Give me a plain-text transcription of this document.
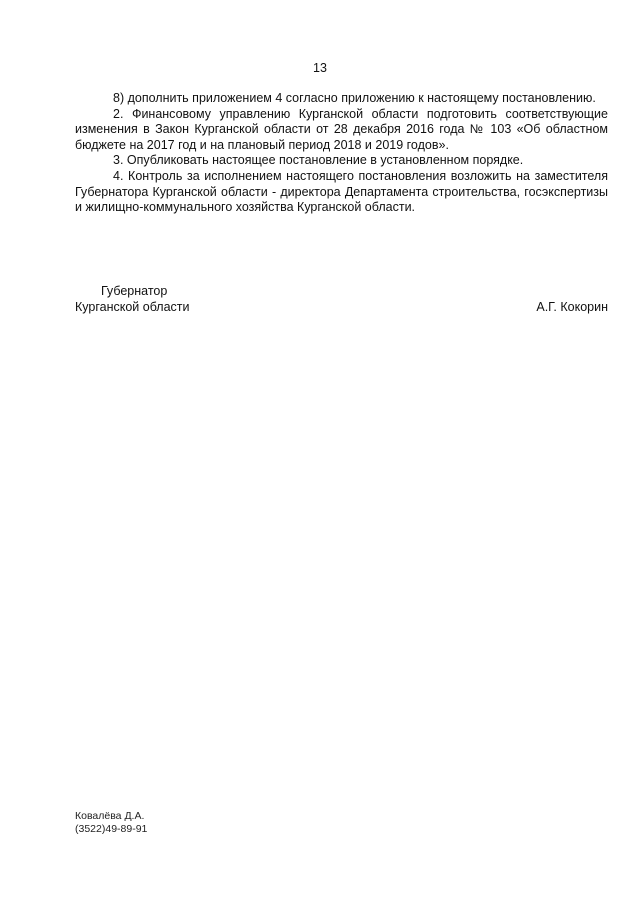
13

8) дополнить приложением 4 согласно приложению к настоящему постановлению.

2. Финансовому управлению Курганской области подготовить соответствующие изменения в Закон Курганской области от 28 декабря 2016 года № 103 «Об областном бюджете на 2017 год и на плановый период 2018 и 2019 годов».

3. Опубликовать настоящее постановление в установленном порядке.

4. Контроль за исполнением настоящего постановления возложить на заместителя Губернатора Курганской области - директора Департамента строительства, госэкспертизы и жилищно-коммунального хозяйства Курганской области.

Губернатор
Курганской области	А.Г. Кокорин
Ковалёва Д.А.
(3522)49-89-91
